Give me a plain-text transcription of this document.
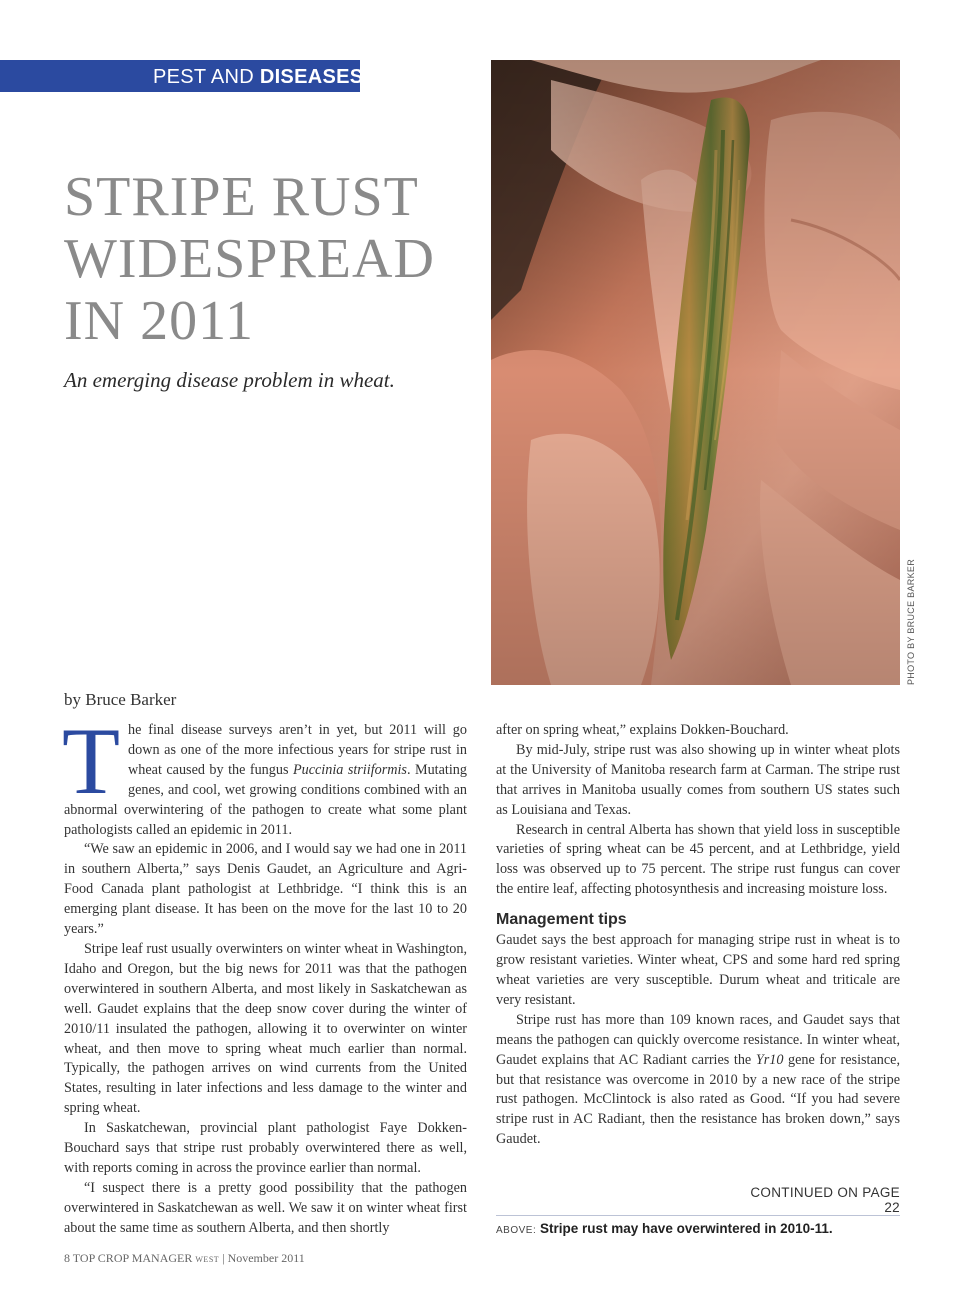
PEST AND DISEASES
STRIPE RUST
WIDESPREAD
IN 2011
An emerging disease problem in wheat.
PHOTO BY BRUCE BARKER
by Bruce Barker

The final disease surveys aren’t in yet, but 2011 will go down as one of the more infectious years for stripe rust in wheat caused by the fungus Puccinia striiformis. Mutating genes, and cool, wet growing conditions combined with an abnormal overwintering of the pathogen to create what some plant pathologists called an epidemic in 2011.

“We saw an epidemic in 2006, and I would say we had one in 2011 in southern Alberta,” says Denis Gaudet, an Agriculture and Agri-Food Canada plant pathologist at Lethbridge. “I think this is an emerging plant disease. It has been on the move for the last 10 to 20 years.”

Stripe leaf rust usually overwinters on winter wheat in Washington, Idaho and Oregon, but the big news for 2011 was that the pathogen overwintered in southern Alberta, and most likely in Saskatchewan as well. Gaudet explains that the deep snow cover during the winter of 2010/11 insulated the pathogen, allowing it to overwinter on winter wheat, and then move to spring wheat much earlier than normal. Typically, the pathogen arrives on wind currents from the United States, resulting in later infections and less damage to the winter and spring wheat.

In Saskatchewan, provincial plant pathologist Faye Dokken-Bouchard says that stripe rust probably overwintered there as well, with reports coming in across the province earlier than normal.

“I suspect there is a pretty good possibility that the pathogen overwintered in Saskatchewan as well. We saw it on winter wheat first about the same time as southern Alberta, and then shortly

after on spring wheat,” explains Dokken-Bouchard.

By mid-July, stripe rust was also showing up in winter wheat plots at the University of Manitoba research farm at Carman. The stripe rust that arrives in Manitoba usually comes from southern US states such as Louisiana and Texas.

Research in central Alberta has shown that yield loss in susceptible varieties of spring wheat can be 45 percent, and at Lethbridge, yield loss was observed up to 75 percent. The stripe rust fungus can cover the entire leaf, affecting photosynthesis and increasing moisture loss.

Management tips

Gaudet says the best approach for managing stripe rust in wheat is to grow resistant varieties. Winter wheat, CPS and some hard red spring wheat varieties are very susceptible. Durum wheat and triticale are very resistant.

Stripe rust has more than 109 known races, and Gaudet says that means the pathogen can quickly overcome resistance. In winter wheat, Gaudet explains that AC Radiant carries the Yr10 gene for resistance, but that resistance was overcome in 2010 by a new race of the stripe rust pathogen. McClintock is also rated as Good. “If you had severe stripe rust in AC Radiant, then the resistance has broken down,” says Gaudet.

CONTINUED ON PAGE 22
ABOVE: Stripe rust may have overwintered in 2010-11.
8 TOP CROP MANAGER WEST | November 2011
